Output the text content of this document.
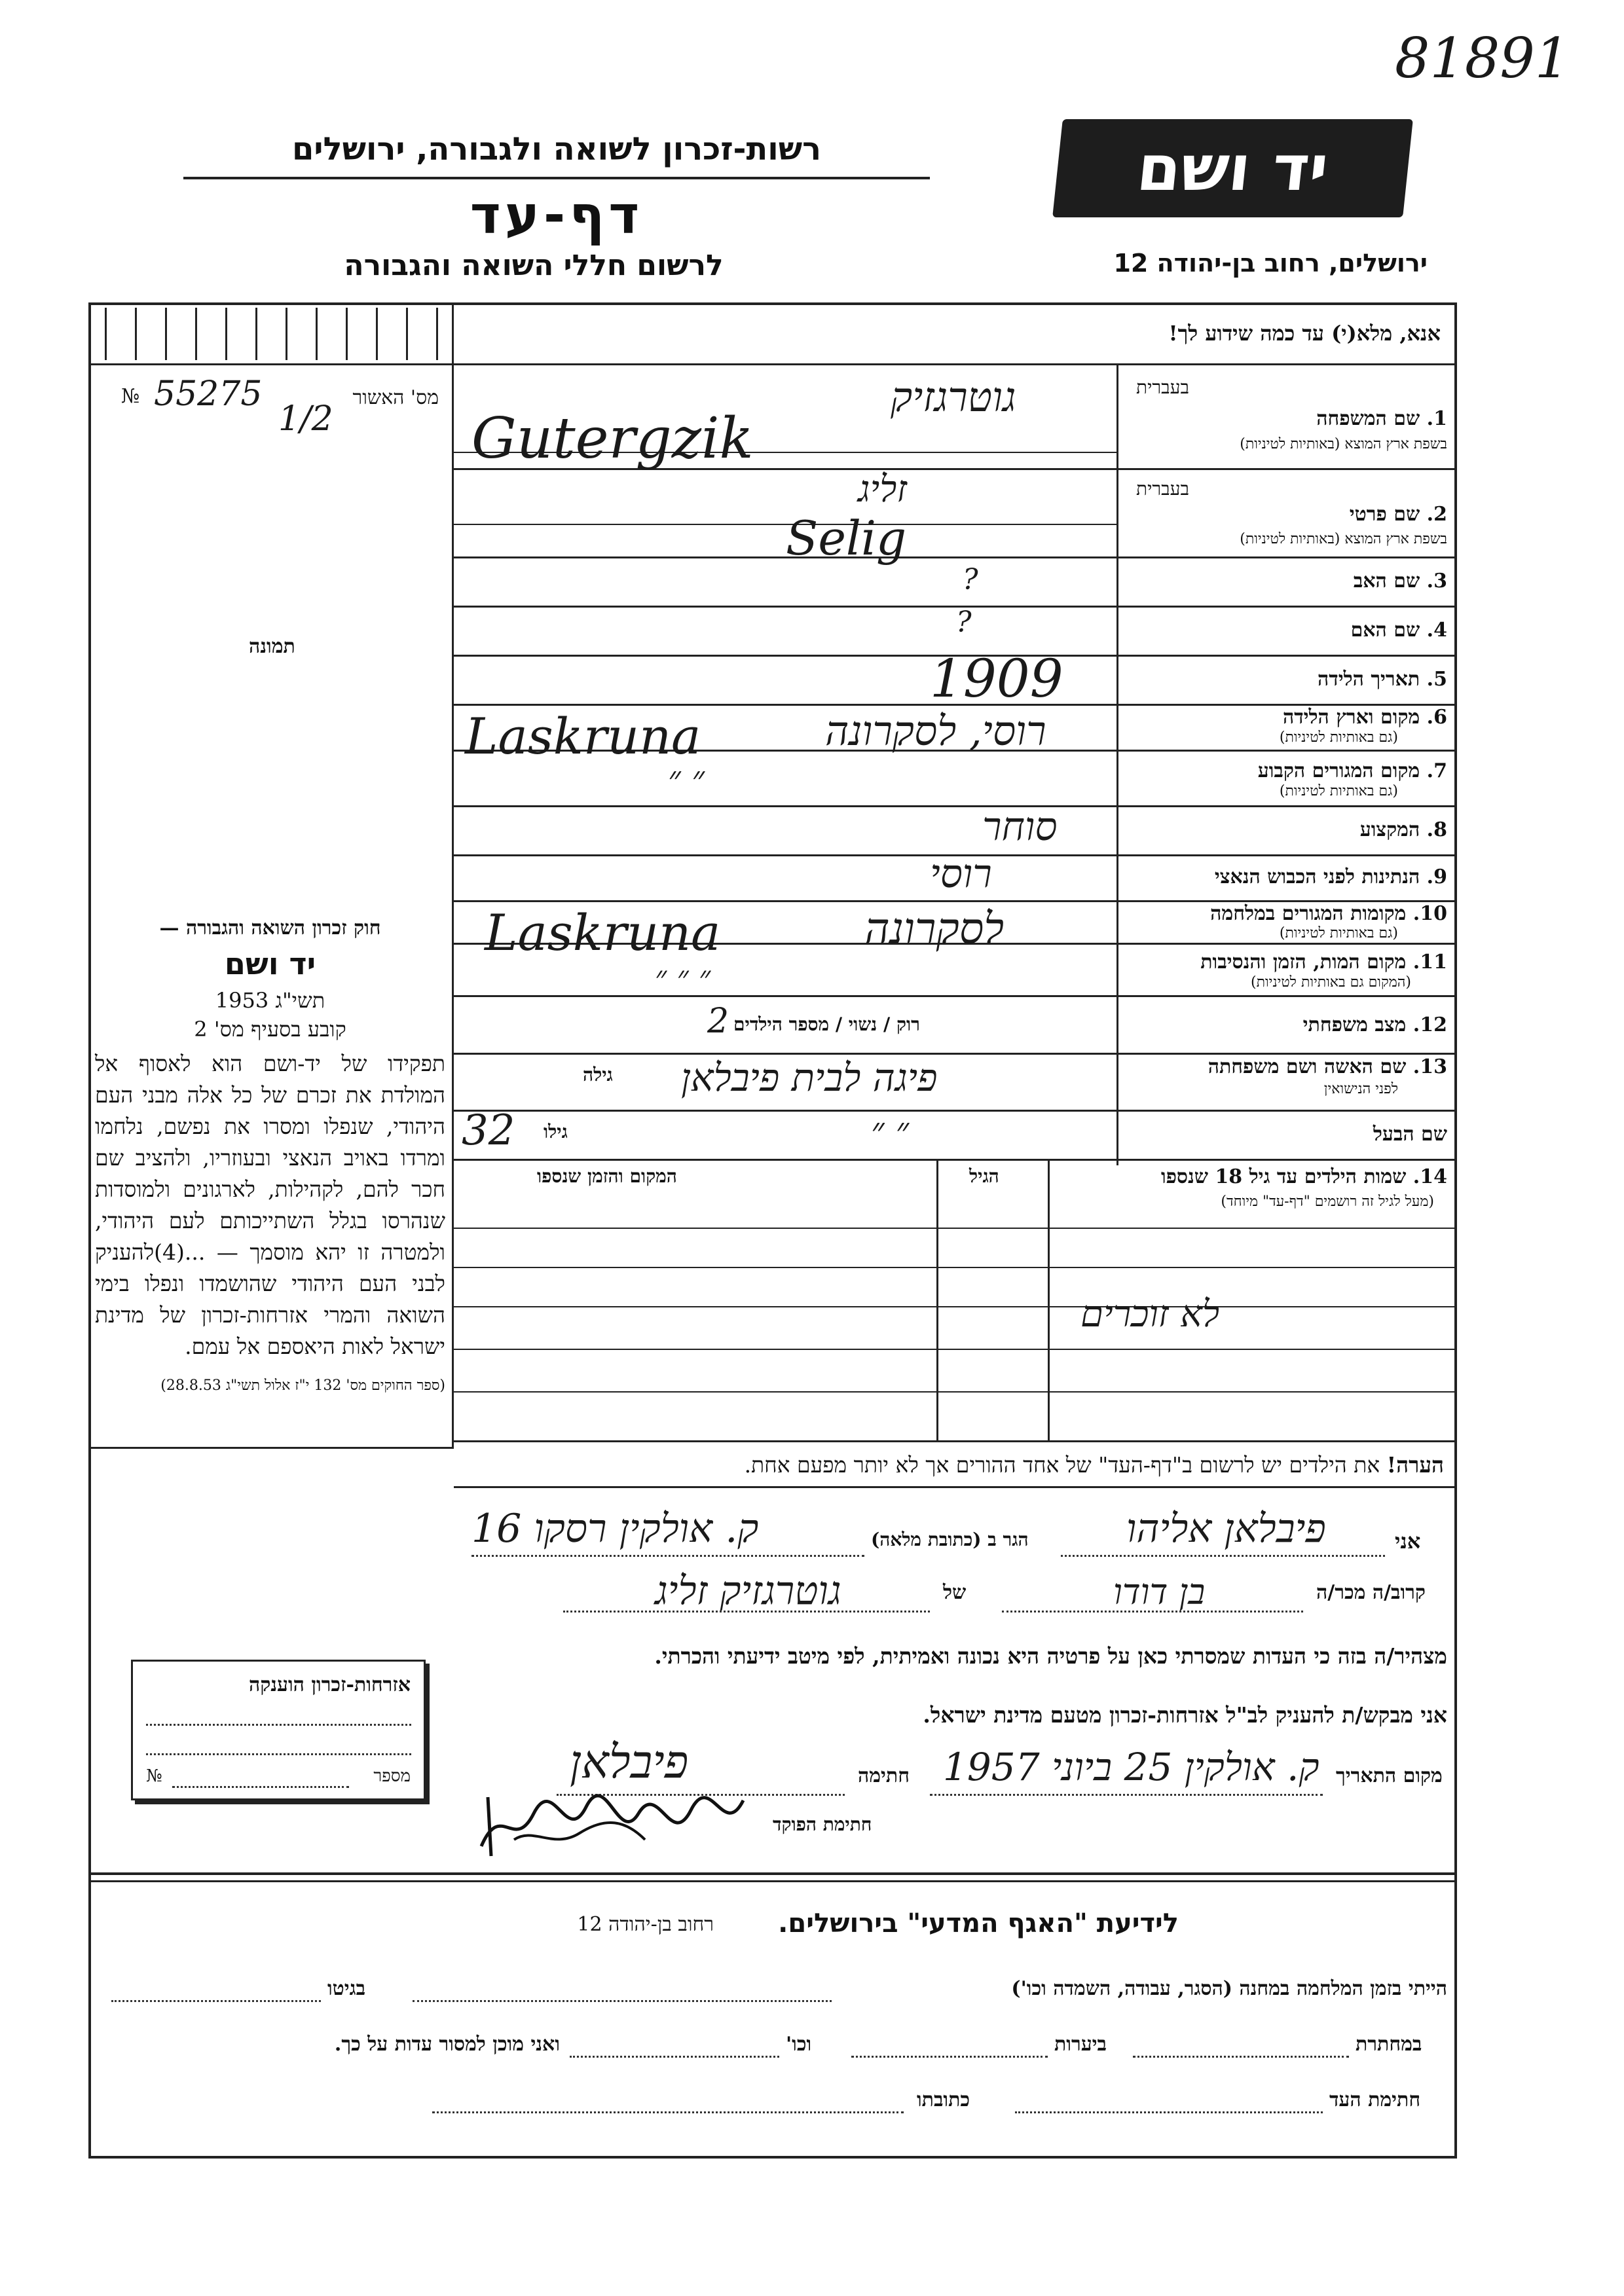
81891
יד ושם
רשות-זכרון לשואה ולגבורה, ירושלים
דף-עד
לרשום חללי השואה והגבורה	ירושלים, רחוב בן-יהודה 12
אנא, מלא(י) עד כמה שידוע לך!
מס' האשור
№ 55275
1/2
תמונה
חוק זכרון השואה והגבורה —
יד ושם
תשי"ג 1953
קובע בסעיף מס' 2
תפקידו של יד-ושם הוא לאסוף אל המולדת את זכרם של כל אלה מבני העם היהודי, שנפלו ומסרו את נפשם, נלחמו ומרדו באויב הנאצי ובעוזריו, ולהציב שם חכר להם, לקהילות, לארגונים ולמוסדות שנהרסו בגלל השתייכותם לעם היהודי, ולמטרה זו יהא מוסמך — ...(4)להעניק לבני העם היהודי שהושמדו ונפלו בימי השואה והמרי אזרחות-זכרון של מדינת ישראל לאות היאספם אל עמם.
(ספר החוקים מס' 132 י"ז אלול תשי"ג 28.8.53)
אזרחות-זכרון הוענקה
מספר
№
בעברית
1. שם המשפחה
בשפת ארץ המוצא (באותיות לטיניות)
בעברית
2. שם פרטי
בשפת ארץ המוצא (באותיות לטיניות)
3. שם האב
4. שם האם
5. תאריך הלידה
6. מקום וארץ הלידה
(גם באותיות לטיניות)
7. מקום המגורים הקבוע
(גם באותיות לטיניות)
8. המקצוע
9. הנתינות לפני הכבוש הנאצי
10. מקומות המגורים במלחמה
(גם באותיות לטיניות)
11. מקום המות, הזמן והנסיבות
(המקום גם באותיות לטיניות)
12. מצב משפחתי
13. שם האשה ושם משפחתה
לפני הנישואין
שם הבעל
גוטרגזיק
Gutergzik
זליג
Selig
?
?
1909
רוסי, לסקרונה
Laskruna
״ ״
סוחר
רוסי
לסקרונה
Laskruna
״ ״ ״
רוק / נשוי / מספר הילדים
2
פיגה לבית פיבלאן
גילה
גילו
32	״ ״
14. שמות הילדים עד גיל 18 שנספו
(מעל לגיל זה רושמים "דף-עד" מיוחד)
הגיל
המקום והזמן שנספו
לא זוכרים
הערה! את הילדים יש לרשום ב"דף-העד" של אחד ההורים אך לא יותר מפעם אחת.
אני
פיבלאן אליהו
הגר ב (כתובת מלאה)
ק. אולקין רסקו 16
קרוב/ה מכר/ה
בן דודו
של
גוטרגזיק זליג
מצהיר/ה בזה כי העדות שמסרתי כאן על פרטיה היא נכונה ואמיתית, לפי מיטב ידיעתי והכרתי.
אני מבקש/ת להעניק לב"ל אזרחות-זכרון מטעם מדינת ישראל.
מקום התאריך
ק. אולקין 25 ביוני 1957
חתימה
פיבלאן
חתימת הפוקד
לידיעת "האגף המדעי" בירושלים.
רחוב בן-יהודה 12
הייתי בזמן המלחמה במחנה (הסגר, עבודה, השמדה וכו')
בגיטו
במחתרת
ביערות
וכו'
ואני מוכן למסור עדות על כך.
חתימת העד
כתובתו
